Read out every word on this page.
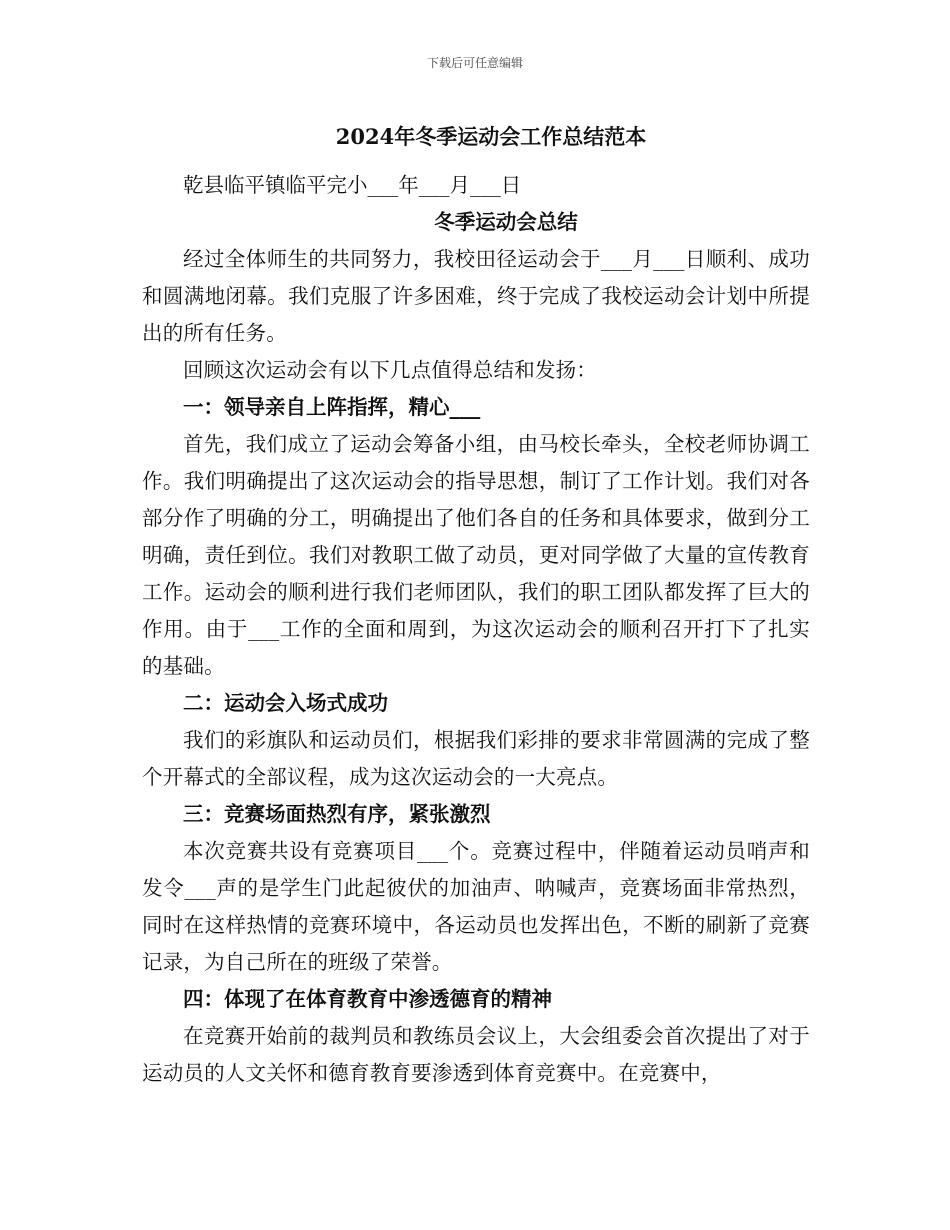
下载后可任意编辑
2024年冬季运动会工作总结范本

乾县临平镇临平完小___年___月___日

冬季运动会总结

经过全体师生的共同努力，我校田径运动会于___月___日顺利、成功和圆满地闭幕。我们克服了许多困难，终于完成了我校运动会计划中所提出的所有任务。

回顾这次运动会有以下几点值得总结和发扬：

一：领导亲自上阵指挥，精心___

首先，我们成立了运动会筹备小组，由马校长牵头，全校老师协调工作。我们明确提出了这次运动会的指导思想，制订了工作计划。我们对各部分作了明确的分工，明确提出了他们各自的任务和具体要求，做到分工明确，责任到位。我们对教职工做了动员，更对同学做了大量的宣传教育工作。运动会的顺利进行我们老师团队，我们的职工团队都发挥了巨大的作用。由于___工作的全面和周到，为这次运动会的顺利召开打下了扎实的基础。

二：运动会入场式成功

我们的彩旗队和运动员们，根据我们彩排的要求非常圆满的完成了整个开幕式的全部议程，成为这次运动会的一大亮点。

三：竞赛场面热烈有序，紧张激烈

本次竞赛共设有竞赛项目___个。竞赛过程中，伴随着运动员哨声和发令___声的是学生门此起彼伏的加油声、呐喊声，竞赛场面非常热烈，同时在这样热情的竞赛环境中，各运动员也发挥出色，不断的刷新了竞赛记录，为自己所在的班级了荣誉。

四：体现了在体育教育中渗透德育的精神

在竞赛开始前的裁判员和教练员会议上，大会组委会首次提出了对于运动员的人文关怀和德育教育要渗透到体育竞赛中。在竞赛中，
